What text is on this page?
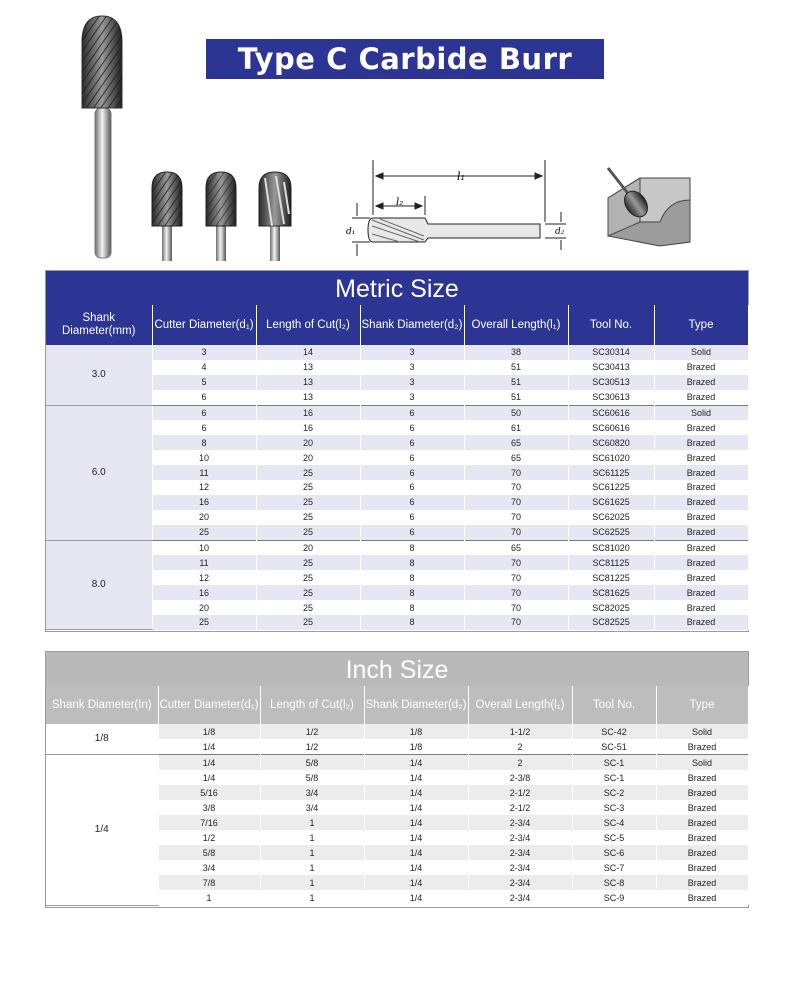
l₁
l₂
d₁	d₂
Type C Carbide Burr
Metric Size
Shank Diameter(mm)	Cutter Diameter(d₁)	Length of Cut(l₂)	Shank Diameter(d₂)	Overall Length(l₁)	Tool No.	Type
3.0	3	14	3	38	SC30314	Solid
	4	13	3	51	SC30413	Brazed
	5	13	3	51	SC30513	Brazed
	6	13	3	51	SC30613	Brazed
6.0	6	16	6	50	SC60616	Solid
	6	16	6	61	SC60616	Brazed
	8	20	6	65	SC60820	Brazed
	10	20	6	65	SC61020	Brazed
	11	25	6	70	SC61125	Brazed
	12	25	6	70	SC61225	Brazed
	16	25	6	70	SC61625	Brazed
	20	25	6	70	SC62025	Brazed
	25	25	6	70	SC62525	Brazed
8.0	10	20	8	65	SC81020	Brazed
	11	25	8	70	SC81125	Brazed
	12	25	8	70	SC81225	Brazed
	16	25	8	70	SC81625	Brazed
	20	25	8	70	SC82025	Brazed
	25	25	8	70	SC82525	Brazed
Inch Size
Shank Diameter(In)	Cutter Diameter(d₁)	Length of Cut(l₂)	Shank Diameter(d₂)	Overall Length(l₁)	Tool No.	Type
1/8	1/8	1/2	1/8	1-1/2	SC-42	Solid
	1/4	1/2	1/8	2	SC-51	Brazed
1/4	1/4	5/8	1/4	2	SC-1	Solid
	1/4	5/8	1/4	2-3/8	SC-1	Brazed
	5/16	3/4	1/4	2-1/2	SC-2	Brazed
	3/8	3/4	1/4	2-1/2	SC-3	Brazed
	7/16	1	1/4	2-3/4	SC-4	Brazed
	1/2	1	1/4	2-3/4	SC-5	Brazed
	5/8	1	1/4	2-3/4	SC-6	Brazed
	3/4	1	1/4	2-3/4	SC-7	Brazed
	7/8	1	1/4	2-3/4	SC-8	Brazed
	1	1	1/4	2-3/4	SC-9	Brazed
